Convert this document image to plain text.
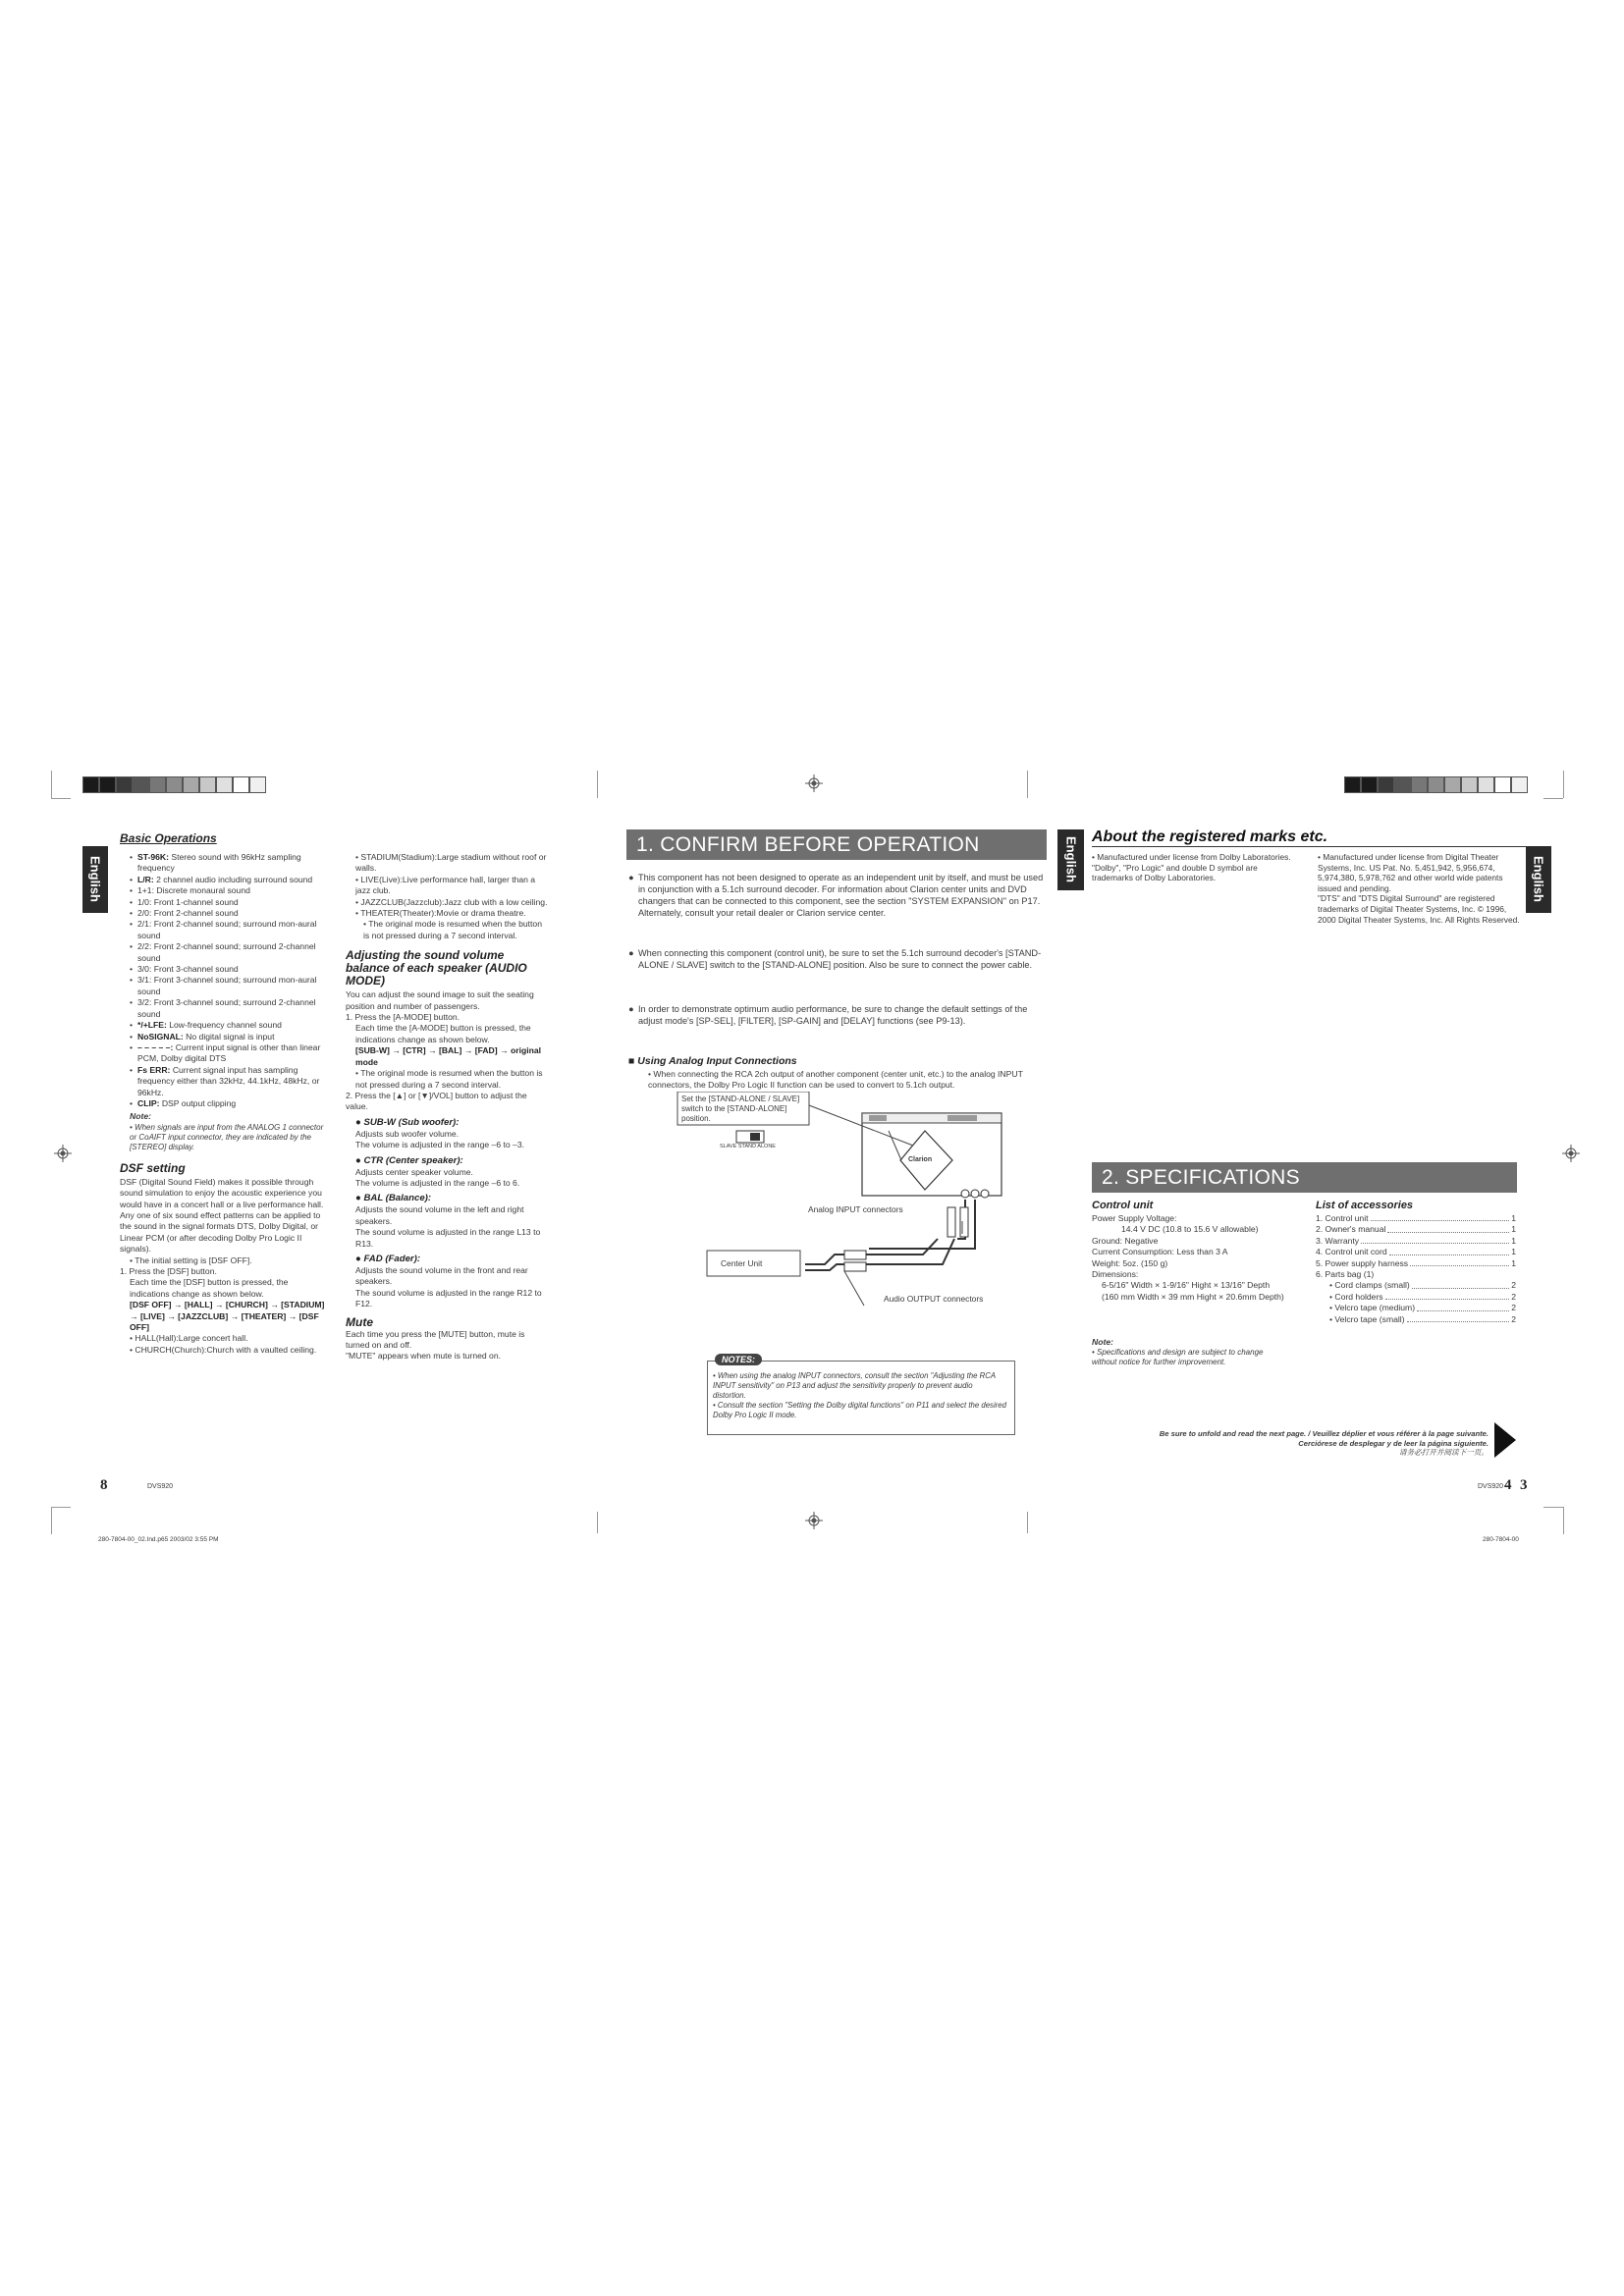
Basic Operations
English	• ST-96K: Stereo sound with 96kHz sampling frequency
• L/R: 2 channel audio including surround sound
• 1+1: Discrete monaural sound
• 1/0: Front 1-channel sound
• 2/0: Front 2-channel sound
• 2/1: Front 2-channel sound; surround mon-aural sound
• 2/2: Front 2-channel sound; surround 2-channel sound
• 3/0: Front 3-channel sound
• 3/1: Front 3-channel sound; surround mon-aural sound
• 3/2: Front 3-channel sound; surround 2-channel sound
• */+LFE: Low-frequency channel sound
• NoSIGNAL: No digital signal is input
• – – – – –: Current input signal is other than linear PCM, Dolby digital DTS
• Fs ERR: Current signal input has sampling frequency either than 32kHz, 44.1kHz, 48kHz, or 96kHz.
• CLIP: DSP output clipping
Note:
• When signals are input from the ANALOG 1 connector or CoAIFT input connector, they are indicated by the [STEREO] display.
DSF setting
DSF (Digital Sound Field) makes it possible through sound simulation to enjoy the acoustic experience you would have in a concert hall or a live performance hall.
Any one of six sound effect patterns can be applied to the sound in the signal formats DTS, Dolby Digital, or Linear PCM (or after decoding Dolby Pro Logic II signals).
• The initial setting is [DSF OFF].
1. Press the [DSF] button.
Each time the [DSF] button is pressed, the indications change as shown below.
[DSF OFF] → [HALL] → [CHURCH] → [STADIUM] → [LIVE] → [JAZZCLUB] → [THEATER] → [DSF OFF]
• HALL(Hall):Large concert hall.
• CHURCH(Church):Church with a vaulted ceiling.
• STADIUM(Stadium):Large stadium without roof or walls.
• LIVE(Live):Live performance hall, larger than a jazz club.
• JAZZCLUB(Jazzclub):Jazz club with a low ceiling.
• THEATER(Theater):Movie or drama theatre.
• The original mode is resumed when the button is not pressed during a 7 second interval.
Adjusting the sound volume balance of each speaker (AUDIO MODE)
You can adjust the sound image to suit the seating position and number of passengers.
1. Press the [A-MODE] button.
Each time the [A-MODE] button is pressed, the indications change as shown below.
[SUB-W] → [CTR] → [BAL] → [FAD] → original mode
• The original mode is resumed when the button is not pressed during a 7 second interval.
2. Press the [▲] or [▼]/VOL] button to adjust the value.
● SUB-W (Sub woofer):
Adjusts sub woofer volume.
The volume is adjusted in the range –6 to –3.
● CTR (Center speaker):
Adjusts center speaker volume.
The volume is adjusted in the range –6 to 6.
● BAL (Balance):
Adjusts the sound volume in the left and right speakers.
The sound volume is adjusted in the range L13 to R13.
● FAD (Fader):
Adjusts the sound volume in the front and rear speakers.
The sound volume is adjusted in the range R12 to F12.
Mute
Each time you press the [MUTE] button, mute is turned on and off.
"MUTE" appears when mute is turned on.
8	DVS920
280-7804-00_02.Ind.p65 2003/02 3:55 PM
1. CONFIRM BEFORE OPERATION	English
● This component has not been designed to operate as an independent unit by itself, and must be used in conjunction with a 5.1ch surround decoder. For information about Clarion center units and DVD changers that can be connected to this component, see the section "SYSTEM EXPANSION" on P17. Alternately, consult your retail dealer or Clarion service center.
● When connecting this component (control unit), be sure to set the 5.1ch surround decoder's [STAND-ALONE / SLAVE] switch to the [STAND-ALONE] position. Also be sure to connect the power cable.
● In order to demonstrate optimum audio performance, be sure to change the default settings of the adjust mode's [SP-SEL], [FILTER], [SP-GAIN] and [DELAY] functions (see P9-13).
■ Using Analog Input Connections
• When connecting the RCA 2ch output of another component (center unit, etc.) to the analog INPUT connectors, the Dolby Pro Logic II function can be used to convert to 5.1ch output.
Set the [STAND-ALONE / SLAVE] switch to the [STAND-ALONE] position.
SLAVE STAND ALONE
Clarion
Analog INPUT connectors
Center Unit
Audio OUTPUT connectors
NOTES:
• When using the analog INPUT connectors, consult the section "Adjusting the RCA INPUT sensitivity" on P13 and adjust the sensitivity properly to prevent audio distortion.
• Consult the section "Setting the Dolby digital functions" on P11 and select the desired Dolby Pro Logic II mode.
DVS920
About the registered marks etc.
English
• Manufactured under license from Dolby Laboratories.
"Dolby", "Pro Logic" and double D symbol are trademarks of Dolby Laboratories.
• Manufactured under license from Digital Theater Systems, Inc. US Pat. No. 5,451,942, 5,956,674, 5,974,380, 5,978,762 and other world wide patents issued and pending.
"DTS" and "DTS Digital Surround" are registered trademarks of Digital Theater Systems, Inc. © 1996, 2000 Digital Theater Systems, Inc. All Rights Reserved.
2. SPECIFICATIONS
Control unit
Power Supply Voltage:
14.4 V DC (10.8 to 15.6 V allowable)
Ground: Negative
Current Consumption: Less than 3 A
Weight: 5oz. (150 g)
Dimensions:
6-5/16" Width × 1-9/16" Hight × 13/16" Depth
(160 mm Width × 39 mm Hight × 20.6mm Depth)
Note:
• Specifications and design are subject to change without notice for further improvement.
List of accessories
1. Control unit	1
2. Owner's manual	1
3. Warranty	1
4. Control unit cord	1
5. Power supply harness	1
6. Parts bag (1)
• Cord clamps (small)	2
• Cord holders	2
• Velcro tape (medium)	2
• Velcro tape (small)	2
Be sure to unfold and read the next page. / Veuillez déplier et vous référer à la page suivante.
Cerciórese de desplegar y de leer la página siguiente.
请务必打开并阅读下一页。
4 3
280-7804-00
